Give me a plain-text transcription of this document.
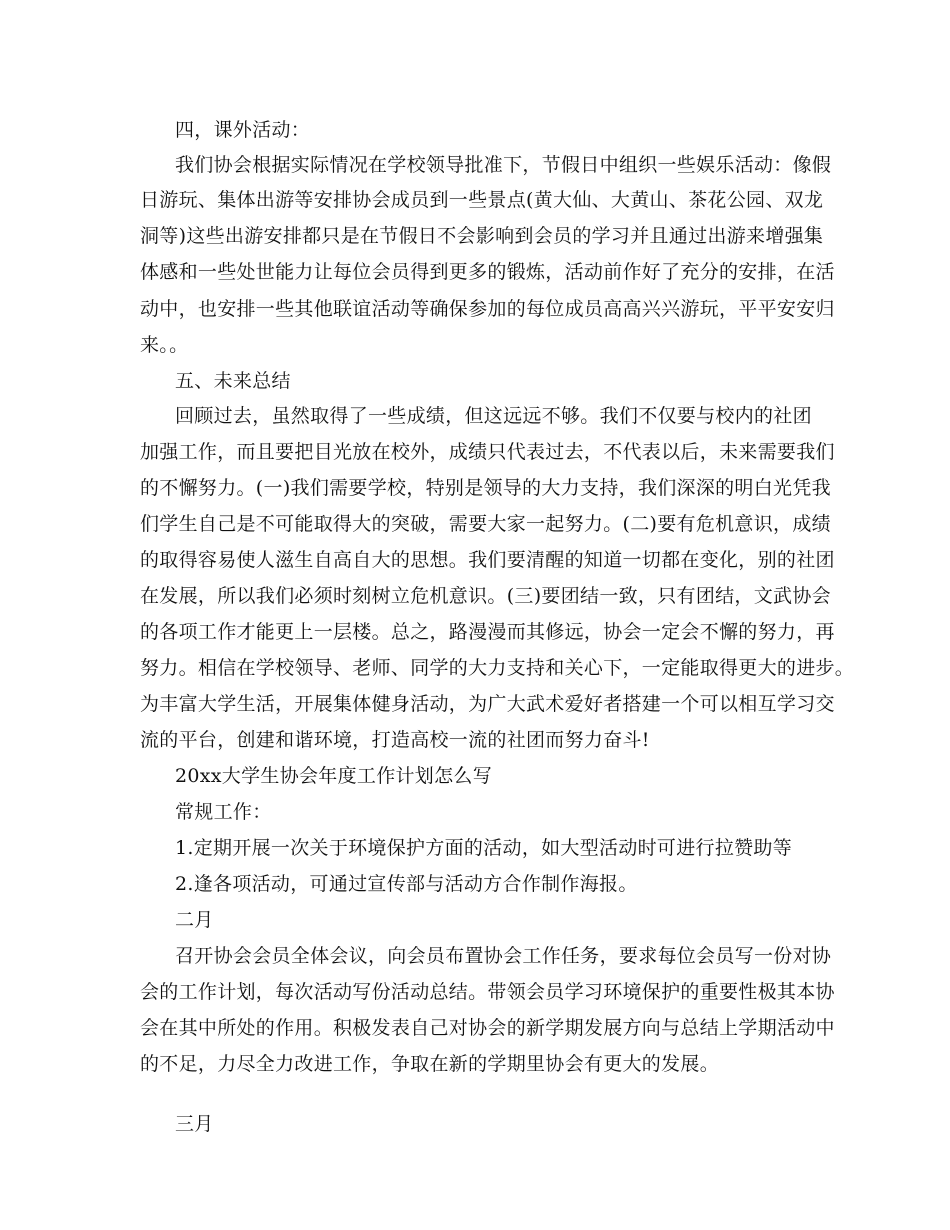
四，课外活动：
我们协会根据实际情况在学校领导批准下，节假日中组织一些娱乐活动：像假
日游玩、集体出游等安排协会成员到一些景点(黄大仙、大黄山、茶花公园、双龙
洞等)这些出游安排都只是在节假日不会影响到会员的学习并且通过出游来增强集
体感和一些处世能力让每位会员得到更多的锻炼，活动前作好了充分的安排，在活
动中，也安排一些其他联谊活动等确保参加的每位成员高高兴兴游玩，平平安安归
来。。
五、未来总结
回顾过去，虽然取得了一些成绩，但这远远不够。我们不仅要与校内的社团
加强工作，而且要把目光放在校外，成绩只代表过去，不代表以后，未来需要我们
的不懈努力。(一)我们需要学校，特别是领导的大力支持，我们深深的明白光凭我
们学生自己是不可能取得大的突破，需要大家一起努力。(二)要有危机意识，成绩
的取得容易使人滋生自高自大的思想。我们要清醒的知道一切都在变化，别的社团
在发展，所以我们必须时刻树立危机意识。(三)要团结一致，只有团结，文武协会
的各项工作才能更上一层楼。总之，路漫漫而其修远，协会一定会不懈的努力，再
努力。相信在学校领导、老师、同学的大力支持和关心下，一定能取得更大的进步。
为丰富大学生活，开展集体健身活动，为广大武术爱好者搭建一个可以相互学习交
流的平台，创建和谐环境，打造高校一流的社团而努力奋斗!
20xx大学生协会年度工作计划怎么写
常规工作：
1.定期开展一次关于环境保护方面的活动，如大型活动时可进行拉赞助等
2.逢各项活动，可通过宣传部与活动方合作制作海报。
二月
召开协会会员全体会议，向会员布置协会工作任务，要求每位会员写一份对协
会的工作计划，每次活动写份活动总结。带领会员学习环境保护的重要性极其本协
会在其中所处的作用。积极发表自己对协会的新学期发展方向与总结上学期活动中
的不足，力尽全力改进工作，争取在新的学期里协会有更大的发展。
三月
